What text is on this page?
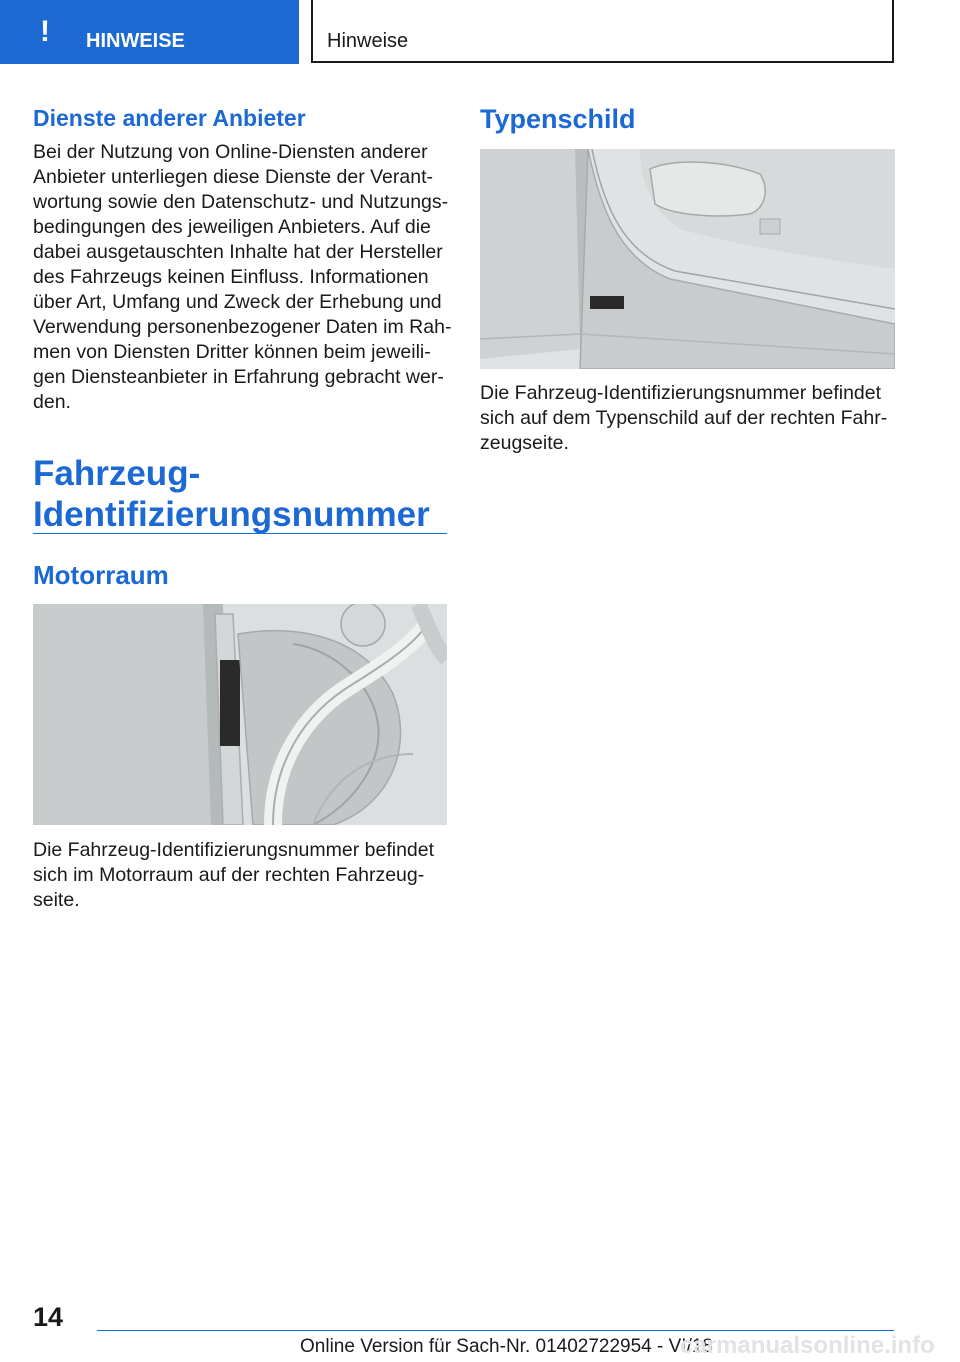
! HINWEISE	Hinweise
Dienste anderer Anbieter

Bei der Nutzung von Online-Diensten anderer

Anbieter unterliegen diese Dienste der Verant-

wortung sowie den Datenschutz- und Nutzungs-

bedingungen des jeweiligen Anbieters. Auf die

dabei ausgetauschten Inhalte hat der Hersteller

des Fahrzeugs keinen Einfluss. Informationen

über Art, Umfang und Zweck der Erhebung und

Verwendung personenbezogener Daten im Rah-

men von Diensten Dritter können beim jeweili-

gen Diensteanbieter in Erfahrung gebracht wer-

den.

Fahrzeug-
Identifizierungsnummer
Motorraum

Die Fahrzeug-Identifizierungsnummer befindet

sich im Motorraum auf der rechten Fahrzeug-

seite.

Typenschild

Die Fahrzeug-Identifizierungsnummer befindet

sich auf dem Typenschild auf der rechten Fahr-

zeugseite.

14
Online Version für Sach-Nr. 01402722954 - VI/18
carmanualsonline.info
